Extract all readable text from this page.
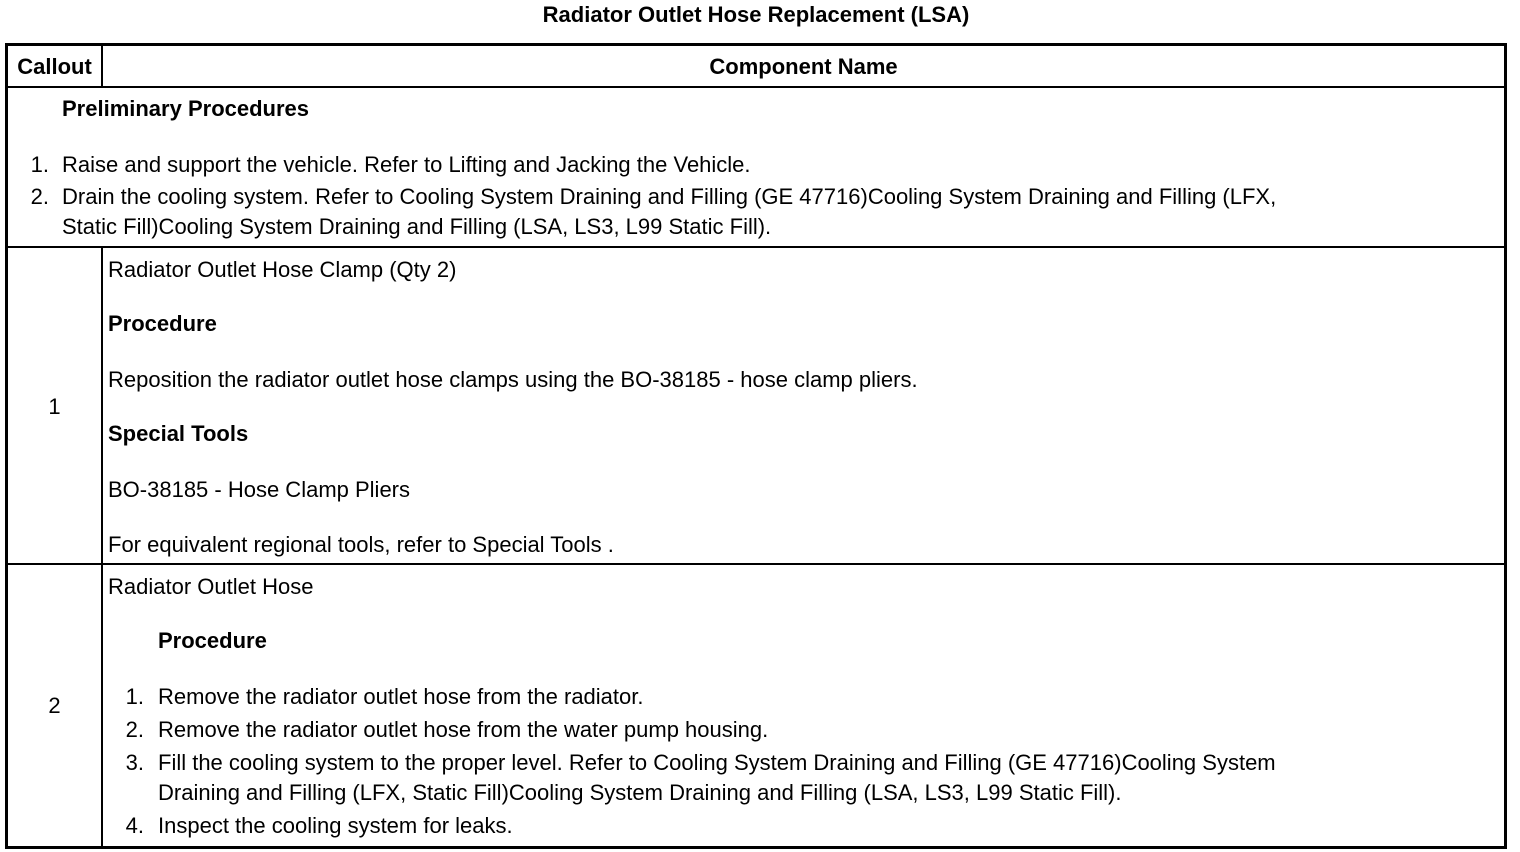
Radiator Outlet Hose Replacement (LSA)
Callout	Component Name
Preliminary Procedures
1. Raise and support the vehicle. Refer to Lifting and Jacking the Vehicle.
2. Drain the cooling system. Refer to Cooling System Draining and Filling (GE 47716)Cooling System Draining and Filling (LFX,
Static Fill)Cooling System Draining and Filling (LSA, LS3, L99 Static Fill).
1
Radiator Outlet Hose Clamp (Qty 2)
Procedure
Reposition the radiator outlet hose clamps using the BO-38185 - hose clamp pliers.
Special Tools
BO-38185 - Hose Clamp Pliers
For equivalent regional tools, refer to Special Tools .
2
Radiator Outlet Hose
Procedure
1. Remove the radiator outlet hose from the radiator.
2. Remove the radiator outlet hose from the water pump housing.
3. Fill the cooling system to the proper level. Refer to Cooling System Draining and Filling (GE 47716)Cooling System
Draining and Filling (LFX, Static Fill)Cooling System Draining and Filling (LSA, LS3, L99 Static Fill).
4. Inspect the cooling system for leaks.
